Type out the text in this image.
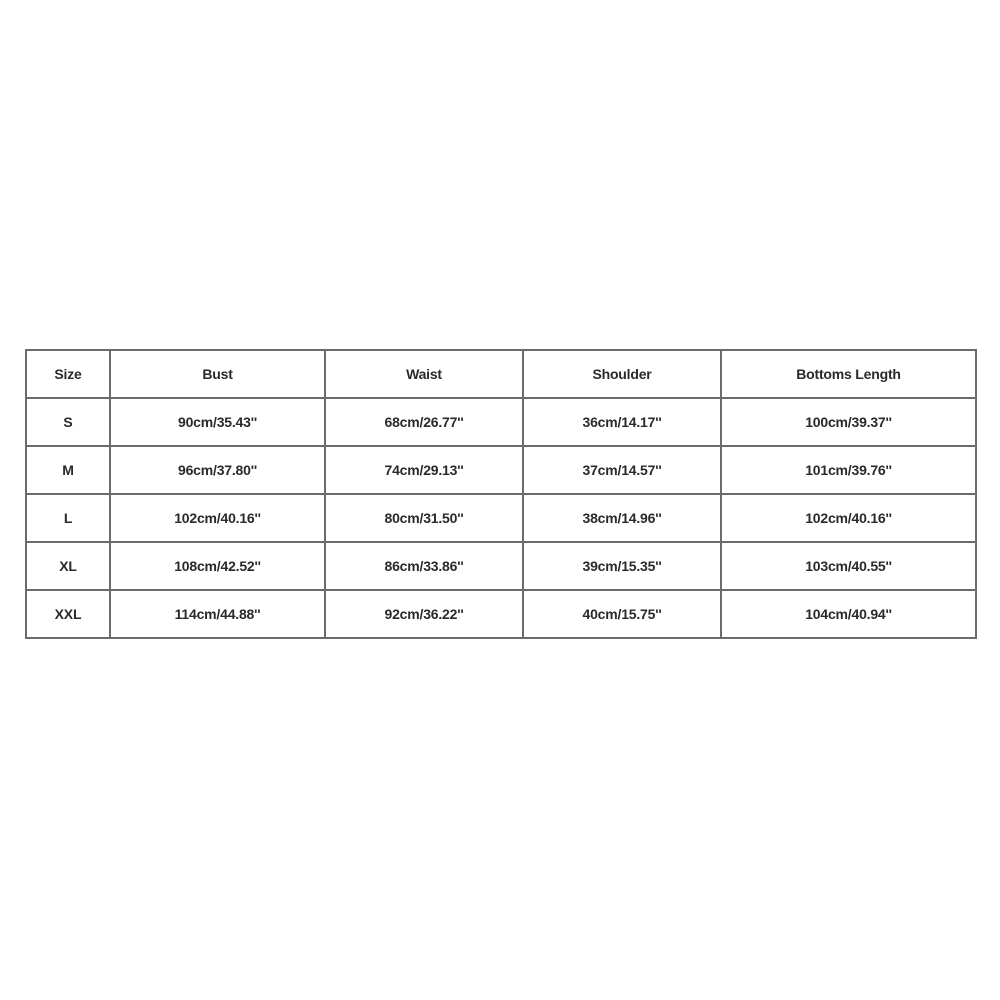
Size	Bust	Waist	Shoulder	Bottoms Length
S	90cm/35.43''	68cm/26.77''	36cm/14.17''	100cm/39.37''
M	96cm/37.80''	74cm/29.13''	37cm/14.57''	101cm/39.76''
L	102cm/40.16''	80cm/31.50''	38cm/14.96''	102cm/40.16''
XL	108cm/42.52''	86cm/33.86''	39cm/15.35''	103cm/40.55''
XXL	114cm/44.88''	92cm/36.22''	40cm/15.75''	104cm/40.94''
